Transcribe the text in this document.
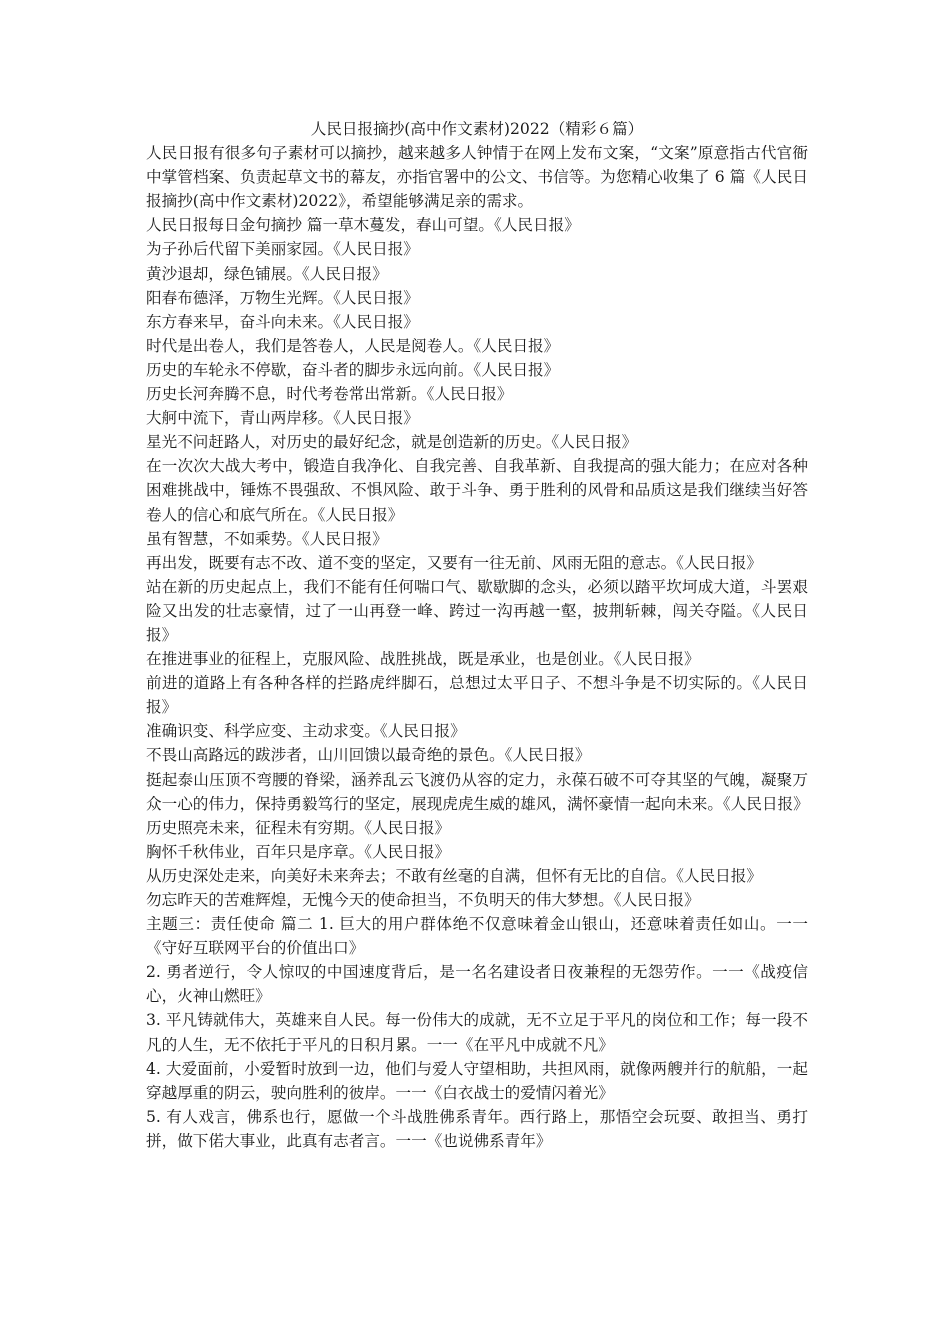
人民日报摘抄(高中作文素材)2022（精彩６篇）

人民日报有很多句子素材可以摘抄，越来越多人钟情于在网上发布文案，“文案”原意指古代官衙中掌管档案、负责起草文书的幕友，亦指官署中的公文、书信等。为您精心收集了 6 篇《人民日报摘抄(高中作文素材)2022》，希望能够满足亲的需求。

人民日报每日金句摘抄 篇一草木蔓发，春山可望。《人民日报》

为子孙后代留下美丽家园。《人民日报》

黄沙退却，绿色铺展。《人民日报》

阳春布德泽，万物生光辉。《人民日报》

东方春来早，奋斗向未来。《人民日报》

时代是出卷人，我们是答卷人，人民是阅卷人。《人民日报》

历史的车轮永不停歇，奋斗者的脚步永远向前。《人民日报》

历史长河奔腾不息，时代考卷常出常新。《人民日报》

大舸中流下，青山两岸移。《人民日报》

星光不问赶路人，对历史的最好纪念，就是创造新的历史。《人民日报》

在一次次大战大考中，锻造自我净化、自我完善、自我革新、自我提高的强大能力；在应对各种困难挑战中，锤炼不畏强敌、不惧风险、敢于斗争、勇于胜利的风骨和品质这是我们继续当好答卷人的信心和底气所在。《人民日报》

虽有智慧，不如乘势。《人民日报》

再出发，既要有志不改、道不变的坚定，又要有一往无前、风雨无阻的意志。《人民日报》

站在新的历史起点上，我们不能有任何喘口气、歇歇脚的念头，必须以踏平坎坷成大道，斗罢艰险又出发的壮志豪情，过了一山再登一峰、跨过一沟再越一壑，披荆斩棘，闯关夺隘。《人民日报》

在推进事业的征程上，克服风险、战胜挑战，既是承业，也是创业。《人民日报》

前进的道路上有各种各样的拦路虎绊脚石，总想过太平日子、不想斗争是不切实际的。《人民日报》

准确识变、科学应变、主动求变。《人民日报》

不畏山高路远的跋涉者，山川回馈以最奇绝的景色。《人民日报》

挺起泰山压顶不弯腰的脊梁，涵养乱云飞渡仍从容的定力，永葆石破不可夺其坚的气魄，凝聚万众一心的伟力，保持勇毅笃行的坚定，展现虎虎生威的雄风，满怀豪情一起向未来。《人民日报》

历史照亮未来，征程未有穷期。《人民日报》

胸怀千秋伟业，百年只是序章。《人民日报》

从历史深处走来，向美好未来奔去；不敢有丝毫的自满，但怀有无比的自信。《人民日报》

勿忘昨天的苦难辉煌，无愧今天的使命担当，不负明天的伟大梦想。《人民日报》

主题三：责任使命 篇二 1. 巨大的用户群体绝不仅意味着金山银山，还意味着责任如山。一一《守好互联网平台的价值出口》

2. 勇者逆行，令人惊叹的中国速度背后，是一名名建设者日夜兼程的无怨劳作。一一《战疫信心，火神山燃旺》

3. 平凡铸就伟大，英雄来自人民。每一份伟大的成就，无不立足于平凡的岗位和工作；每一段不凡的人生，无不依托于平凡的日积月累。一一《在平凡中成就不凡》

4. 大爱面前，小爱暂时放到一边，他们与爱人守望相助，共担风雨，就像两艘并行的航船，一起穿越厚重的阴云，驶向胜利的彼岸。一一《白衣战士的爱情闪着光》

5. 有人戏言，佛系也行，愿做一个斗战胜佛系青年。西行路上，那悟空会玩耍、敢担当、勇打拼，做下偌大事业，此真有志者言。一一《也说佛系青年》
